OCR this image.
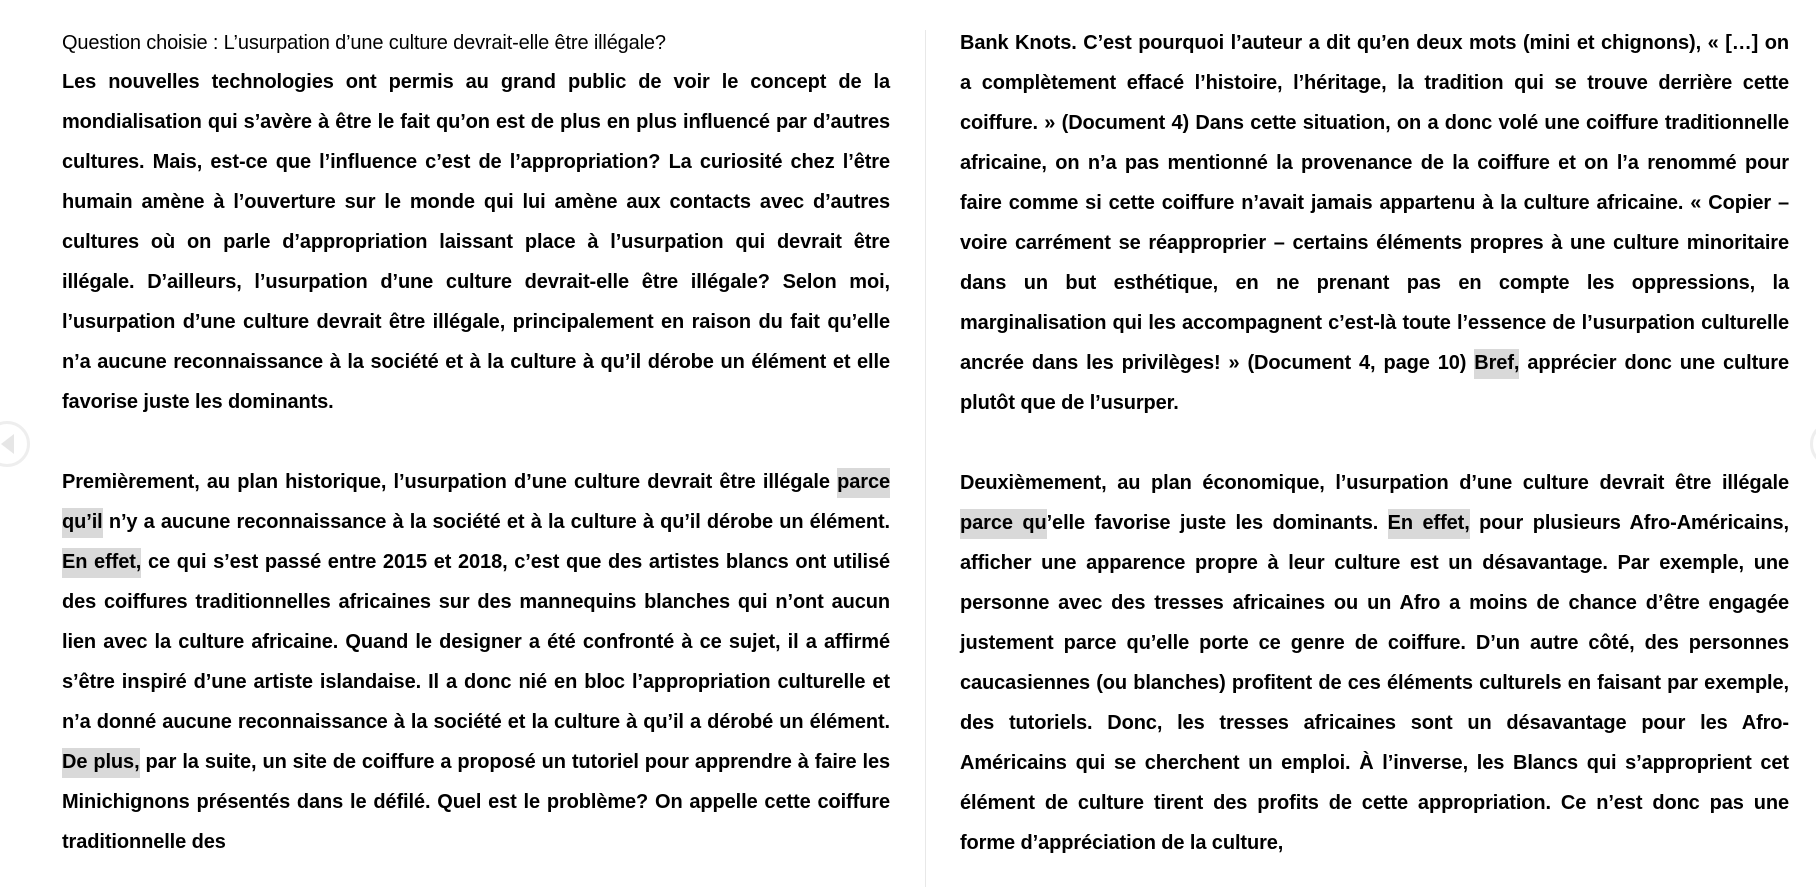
Question choisie : L’usurpation d’une culture devrait-elle être illégale?

Les nouvelles technologies ont permis au grand public de voir le concept de la mondialisation qui s’avère à être le fait qu’on est de plus en plus influencé par d’autres cultures. Mais, est-ce que l’influence c’est de l’appropriation? La curiosité chez l’être humain amène à l’ouverture sur le monde qui lui amène aux contacts avec d’autres cultures où on parle d’appropriation laissant place à l’usurpation qui devrait être illégale. D’ailleurs, l’usurpation d’une culture devrait-elle être illégale? Selon moi, l’usurpation d’une culture devrait être illégale, principalement en raison du fait qu’elle n’a aucune reconnaissance à la société et à la culture à qu’il dérobe un élément et elle favorise juste les dominants.

Premièrement, au plan historique, l’usurpation d’une culture devrait être illégale parce qu’il n’y a aucune reconnaissance à la société et à la culture à qu’il dérobe un élément. En effet, ce qui s’est passé entre 2015 et 2018, c’est que des artistes blancs ont utilisé des coiffures traditionnelles africaines sur des mannequins blanches qui n’ont aucun lien avec la culture africaine. Quand le designer a été confronté à ce sujet, il a affirmé s’être inspiré d’une artiste islandaise. Il a donc nié en bloc l’appropriation culturelle et n’a donné aucune reconnaissance à la société et la culture à qu’il a dérobé un élément. De plus, par la suite, un site de coiffure a proposé un tutoriel pour apprendre à faire les Minichignons présentés dans le défilé. Quel est le problème? On appelle cette coiffure traditionnelle des

Bank Knots. C’est pourquoi l’auteur a dit qu’en deux mots (mini et chignons), « […] on a complètement effacé l’histoire, l’héritage, la tradition qui se trouve derrière cette coiffure. » (Document 4) Dans cette situation, on a donc volé une coiffure traditionnelle africaine, on n’a pas mentionné la provenance de la coiffure et on l’a renommé pour faire comme si cette coiffure n’avait jamais appartenu à la culture africaine. « Copier – voire carrément se réapproprier – certains éléments propres à une culture minoritaire dans un but esthétique, en ne prenant pas en compte les oppressions, la marginalisation qui les accompagnent c’est-là toute l’essence de l’usurpation culturelle ancrée dans les privilèges! » (Document 4, page 10) Bref, apprécier donc une culture plutôt que de l’usurper.

Deuxièmement, au plan économique, l’usurpation d’une culture devrait être illégale parce qu’elle favorise juste les dominants. En effet, pour plusieurs Afro-Américains, afficher une apparence propre à leur culture est un désavantage. Par exemple, une personne avec des tresses africaines ou un Afro a moins de chance d’être engagée justement parce qu’elle porte ce genre de coiffure. D’un autre côté, des personnes caucasiennes (ou blanches) profitent de ces éléments culturels en faisant par exemple, des tutoriels. Donc, les tresses africaines sont un désavantage pour les Afro-Américains qui se cherchent un emploi. À l’inverse, les Blancs qui s’approprient cet élément de culture tirent des profits de cette appropriation. Ce n’est donc pas une forme d’appréciation de la culture,
